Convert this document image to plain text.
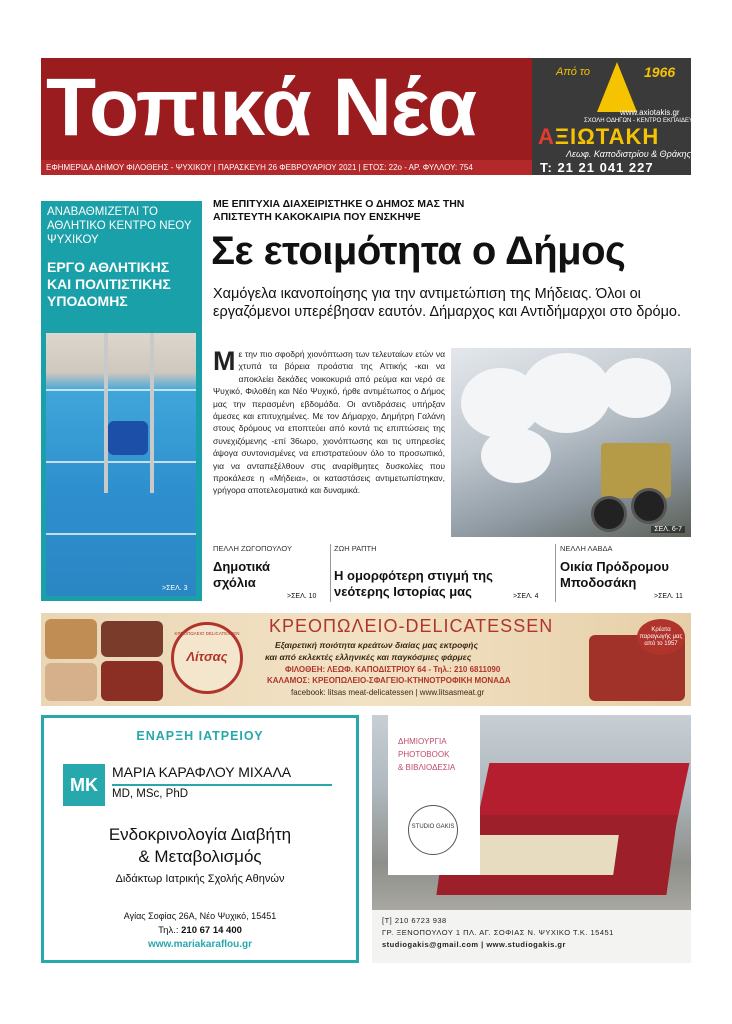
Τοπικά Νέα
ΕΦΗΜΕΡΙΔΑ ΔΗΜΟΥ ΦΙΛΟΘΕΗΣ - ΨΥΧΙΚΟΥ | ΠΑΡΑΣΚΕΥΗ 26 ΦΕΒΡΟΥΑΡΙΟΥ 2021 | ΕΤΟΣ: 22ο - ΑΡ. ΦΥΛΛΟΥ: 754
Από το	1966
www.axiotakis.gr
ΣΧΟΛΗ ΟΔΗΓΩΝ - ΚΕΝΤΡΟ ΕΚΠΑΙΔΕΥΣΗΣ
ΑΞΙΩΤΑΚΗ
Λεωφ. Καποδιστρίου & Θράκης 2
Τ: 21 21 041 227
ΑΝΑΒΑΘΜΙΖΕΤΑΙ ΤΟ ΑΘΛΗΤΙΚΟ ΚΕΝΤΡΟ ΝΕΟΥ ΨΥΧΙΚΟΥ
ΕΡΓΟ ΑΘΛΗΤΙΚΗΣ ΚΑΙ ΠΟΛΙΤΙΣΤΙΚΗΣ ΥΠΟΔΟΜΗΣ
>ΣΕΛ. 3
ΜΕ ΕΠΙΤΥΧΙΑ ΔΙΑΧΕΙΡΙΣΤΗΚΕ Ο ΔΗΜΟΣ ΜΑΣ ΤΗΝ ΑΠΙΣΤΕΥΤΗ ΚΑΚΟΚΑΙΡΙΑ ΠΟΥ ΕΝΣΚΗΨΕ
Σε ετοιμότητα ο Δήμος
Χαμόγελα ικανοποίησης για την αντιμετώπιση της Μήδειας. Όλοι οι εργαζόμενοι υπερέβησαν εαυτόν. Δήμαρχος και Αντιδήμαρχοι στο δρόμο.
Με την πιο σφοδρή χιονόπτωση των τελευταίων ετών να χτυπά τα βόρεια προάστια της Αττικής -και να αποκλείει δεκάδες νοικοκυριά από ρεύμα και νερό σε Ψυχικό, Φιλοθέη και Νέο Ψυχικό, ήρθε αντιμέτωπος ο Δήμος μας την περασμένη εβδομάδα. Οι αντιδράσεις υπήρξαν άμεσες και επιτυχημένες. Με τον Δήμαρχο, Δημήτρη Γαλάνη στους δρόμους να εποπτεύει από κοντά τις επιπτώσεις της συνεχιζόμενης -επί 36ωρο, χιονόπτωσης και τις υπηρεσίες άψογα συντονισμένες να επιστρατεύουν όλο το προσωπικό, για να ανταπεξέλθουν στις αναρίθμητες δυσκολίες που προκάλεσε η «Μήδεια», οι καταστάσεις αντιμετωπίστηκαν, γρήγορα αποτελεσματικά και δυναμικά.
ΣΕΛ. 6-7
ΠΕΛΛΗ ΖΩΓΟΠΟΥΛΟΥ
Δημοτικά σχόλια
>ΣΕΛ. 10
ΖΩΗ ΡΑΠΤΗ
Η ομορφότερη στιγμή της νεότερης Ιστορίας μας	>ΣΕΛ. 4
ΝΕΛΛΗ ΛΑΒΔΑ
Οικία Πρόδρομου Μποδοσάκη
>ΣΕΛ. 11
ΚΡΕΟΠΩΛΕΙΟ DELICATESSEN
Λίτσας
ΚΡΕΟΠΩΛΕΙΟ-DELICATESSEN
Εξαιρετική ποιότητα κρεάτων διαίας μας εκτροφής
και από εκλεκτές ελληνικές και παγκόσμιες φάρμες
ΦΙΛΟΘΕΗ: ΛΕΩΦ. ΚΑΠΟΔΙΣΤΡΙΟΥ 64 - Τηλ.: 210 6811090
ΚΑΛΑΜΟΣ: ΚΡΕΟΠΩΛΕΙΟ-ΣΦΑΓΕΙΟ-ΚΤΗΝΟΤΡΟΦΙΚΗ ΜΟΝΑΔΑ
facebook: litsas meat-delicatessen | www.litsasmeat.gr
Κρέατα παραγωγής μας από το 1957
ΕΝΑΡΞΗ ΙΑΤΡΕΙΟΥ
MK
ΜΑΡΙΑ ΚΑΡΑΦΛΟΥ ΜΙΧΑΛΑ
MD, MSc, PhD
Ενδοκρινολογία Διαβήτη
& Μεταβολισμός
Διδάκτωρ Ιατρικής Σχολής Αθηνών
Αγίας Σοφίας 26Α, Νέο Ψυχικό, 15451
Τηλ.: 210 67 14 400
www.mariakaraflou.gr
ΔΗΜΙΟΥΡΓΙΑ
PHOTOBOOK
& ΒΙΒΛΙΟΔΕΣΙΑ
STUDIO GAKIS
[Τ] 210 6723 938
ΓΡ. ΞΕΝΟΠΟΥΛΟΥ 1 ΠΛ. ΑΓ. ΣΟΦΙΑΣ Ν. ΨΥΧΙΚΟ Τ.Κ. 15451
studiogakis@gmail.com | www.studiogakis.gr
